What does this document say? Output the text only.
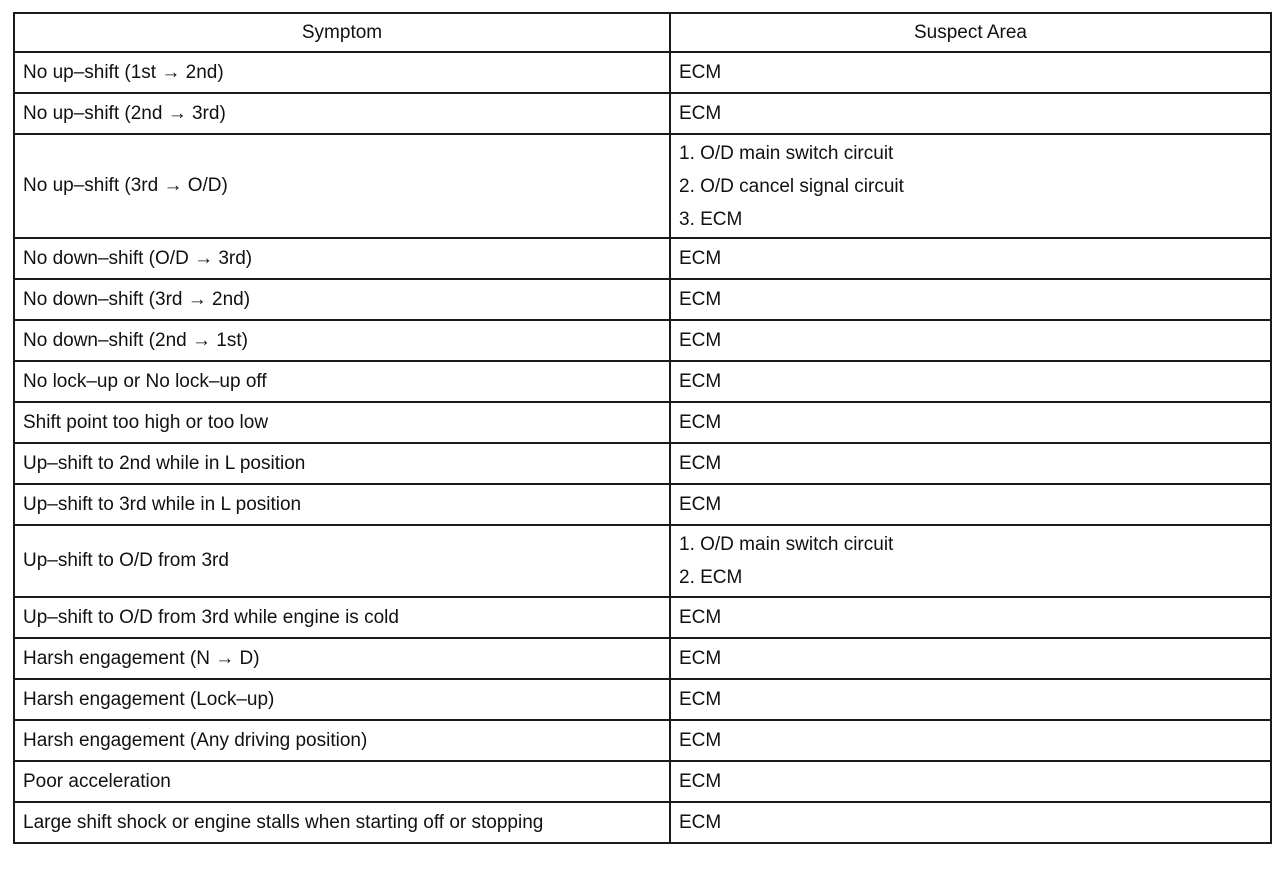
Symptom	Suspect Area
No up–shift (1st → 2nd)	ECM

No up–shift (2nd → 3rd)	ECM

No up–shift (3rd → O/D)	1. O/D main switch circuit
2. O/D cancel signal circuit
3. ECM

No down–shift (O/D → 3rd)	ECM

No down–shift (3rd → 2nd)	ECM

No down–shift (2nd → 1st)	ECM

No lock–up or No lock–up off	ECM

Shift point too high or too low	ECM

Up–shift to 2nd while in L position	ECM

Up–shift to 3rd while in L position	ECM

Up–shift to O/D from 3rd	1. O/D main switch circuit
2. ECM

Up–shift to O/D from 3rd while engine is cold	ECM

Harsh engagement (N → D)	ECM

Harsh engagement (Lock–up)	ECM

Harsh engagement (Any driving position)	ECM

Poor acceleration	ECM

Large shift shock or engine stalls when starting off or stopping	ECM
